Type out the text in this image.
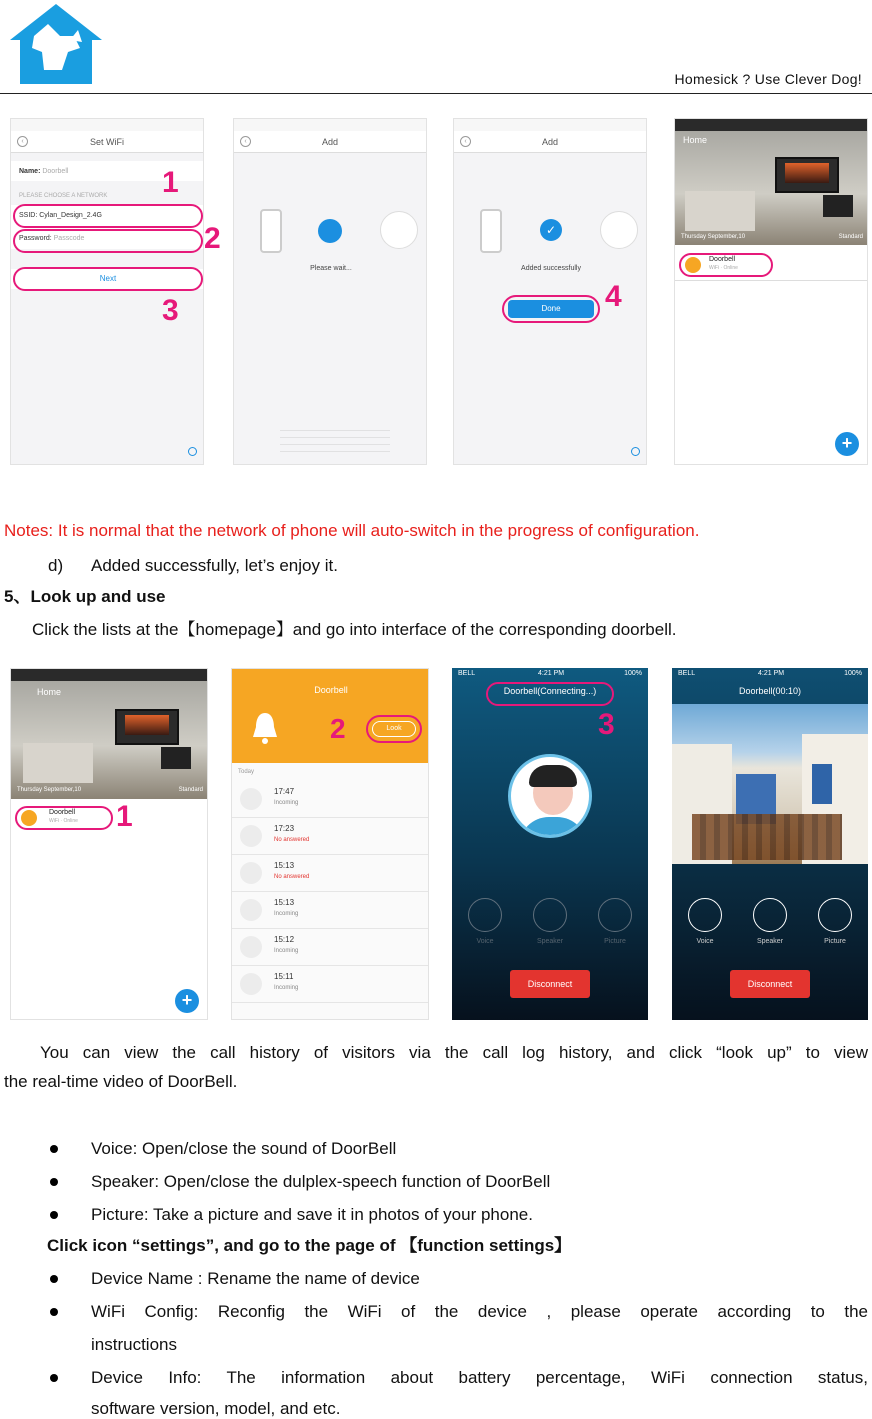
Homesick ? Use Clever Dog!
‹	Set WiFi
Name: Doorbell
PLEASE CHOOSE A NETWORK
SSID: Cylan_Design_2.4G
Password: Passcode
Next
1
2
3
‹	Add
Please wait...
‹	Add
✓
Added successfully
Done	4
Home
Thursday September,10	Standard
Doorbell
WiFi · Online
+
Notes: It is normal that the network of phone will auto-switch in the progress of configuration.
d) Added successfully, let’s enjoy it.
5、Look up and use
Click the lists at the【homepage】and go into interface of the corresponding doorbell.
Home
Thursday September,10	Standard
Doorbell
WiFi · Online
+
1
Doorbell
Look
2
Today
17:47
Incoming
17:23
No answered
15:13
No answered
15:13
Incoming
15:12
Incoming
15:11
Incoming
BELL	4:21 PM	100%
Doorbell(Connecting...)
Voice	Speaker	Picture
Disconnect
3
BELL	4:21 PM	100%
Doorbell(00:10)
Voice	Speaker	Picture
Disconnect
You can view the call history of visitors via the call log history, and click “look up” to view
the real-time video of DoorBell.
Voice: Open/close the sound of DoorBell
Speaker: Open/close the dulplex-speech function of DoorBell
Picture: Take a picture and save it in photos of your phone.
Click icon “settings”, and go to the page of 【function settings】
Device Name : Rename the name of device
WiFi Config: Reconfig the WiFi of the device , please operate according to the
instructions
Device Info: The information about battery percentage, WiFi connection status,
software version, model, and etc.
